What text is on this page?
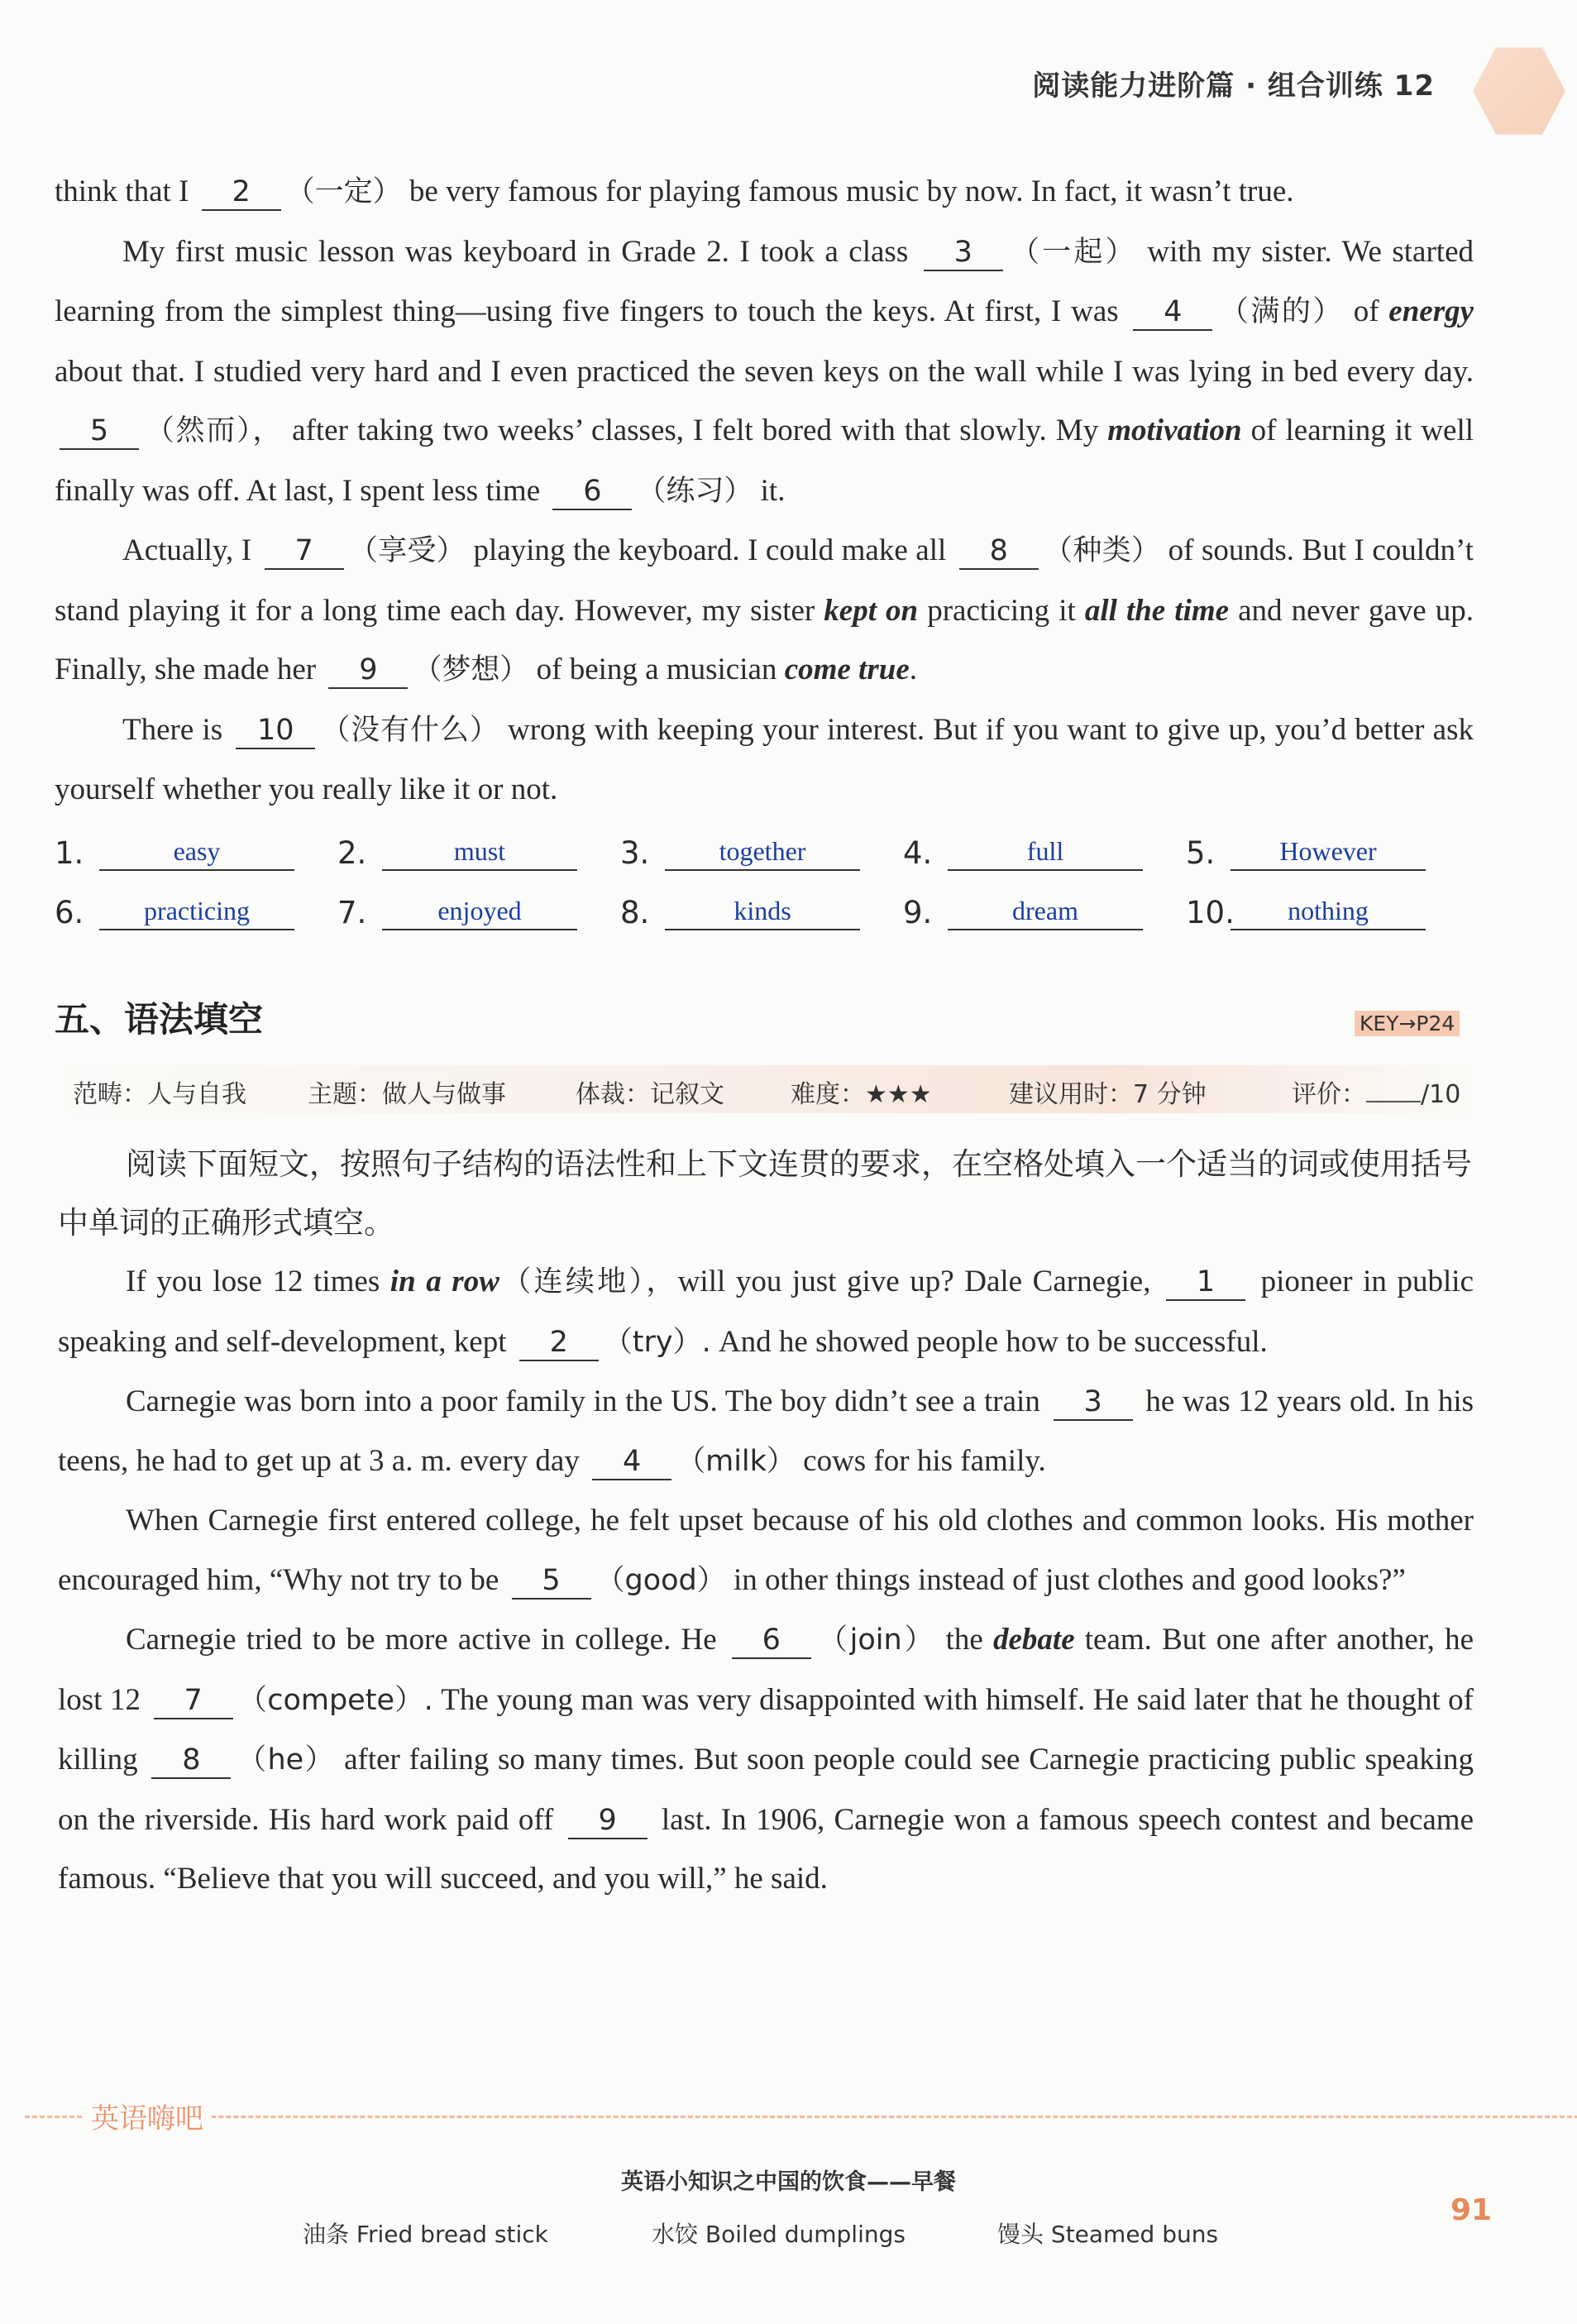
阅读能力进阶篇 · 组合训练 12

think that I 2 （一定） be very famous for playing famous music by now. In fact, it wasn’t true.

My first music lesson was keyboard in Grade 2. I took a class 3 （一起） with my sister. We started learning from the simplest thing—using five fingers to touch the keys. At first, I was 4 （满的） of energy about that. I studied very hard and I even practiced the seven keys on the wall while I was lying in bed every day. 5 （然而）， after taking two weeks’ classes, I felt bored with that slowly. My motivation of learning it well finally was off. At last, I spent less time 6 （练习） it.

Actually, I 7 （享受） playing the keyboard. I could make all 8 （种类） of sounds. But I couldn’t stand playing it for a long time each day. However, my sister kept on practicing it all the time and never gave up. Finally, she made her 9 （梦想） of being a musician come true.

There is 10 （没有什么） wrong with keeping your interest. But if you want to give up, you’d better ask yourself whether you really like it or not.

1.	easy	2.	must	3.	together	4.	full	5.	However
6.	practicing	7.	enjoyed	8.	kinds	9.	dream	10.	nothing
五、语法填空	KEY→P24
范畴：人与自我 主题：做人与做事	体裁：记叙文	难度：★★★	建议用时：7 分钟	评价： /10

阅读下面短文，按照句子结构的语法性和上下文连贯的要求，在空格处填入一个适当的词或使用括号中单词的正确形式填空。

If you lose 12 times in a row（连续地），will you just give up? Dale Carnegie, 1 pioneer in public speaking and self-development, kept 2 （try）. And he showed people how to be successful.

Carnegie was born into a poor family in the US. The boy didn’t see a train 3 he was 12 years old. In his teens, he had to get up at 3 a. m. every day 4 （milk） cows for his family.

When Carnegie first entered college, he felt upset because of his old clothes and common looks. His mother encouraged him, “Why not try to be 5 （good） in other things instead of just clothes and good looks?”

Carnegie tried to be more active in college. He 6 （join） the debate team. But one after another, he lost 12 7 （compete）. The young man was very disappointed with himself. He said later that he thought of killing 8 （he） after failing so many times. But soon people could see Carnegie practicing public speaking on the riverside. His hard work paid off 9 last. In 1906, Carnegie won a famous speech contest and became famous. “Believe that you will succeed, and you will,” he said.

英语嗨吧
英语小知识之中国的饮食——早餐
油条 Fried bread stick	水饺 Boiled dumplings	馒头 Steamed buns
91
